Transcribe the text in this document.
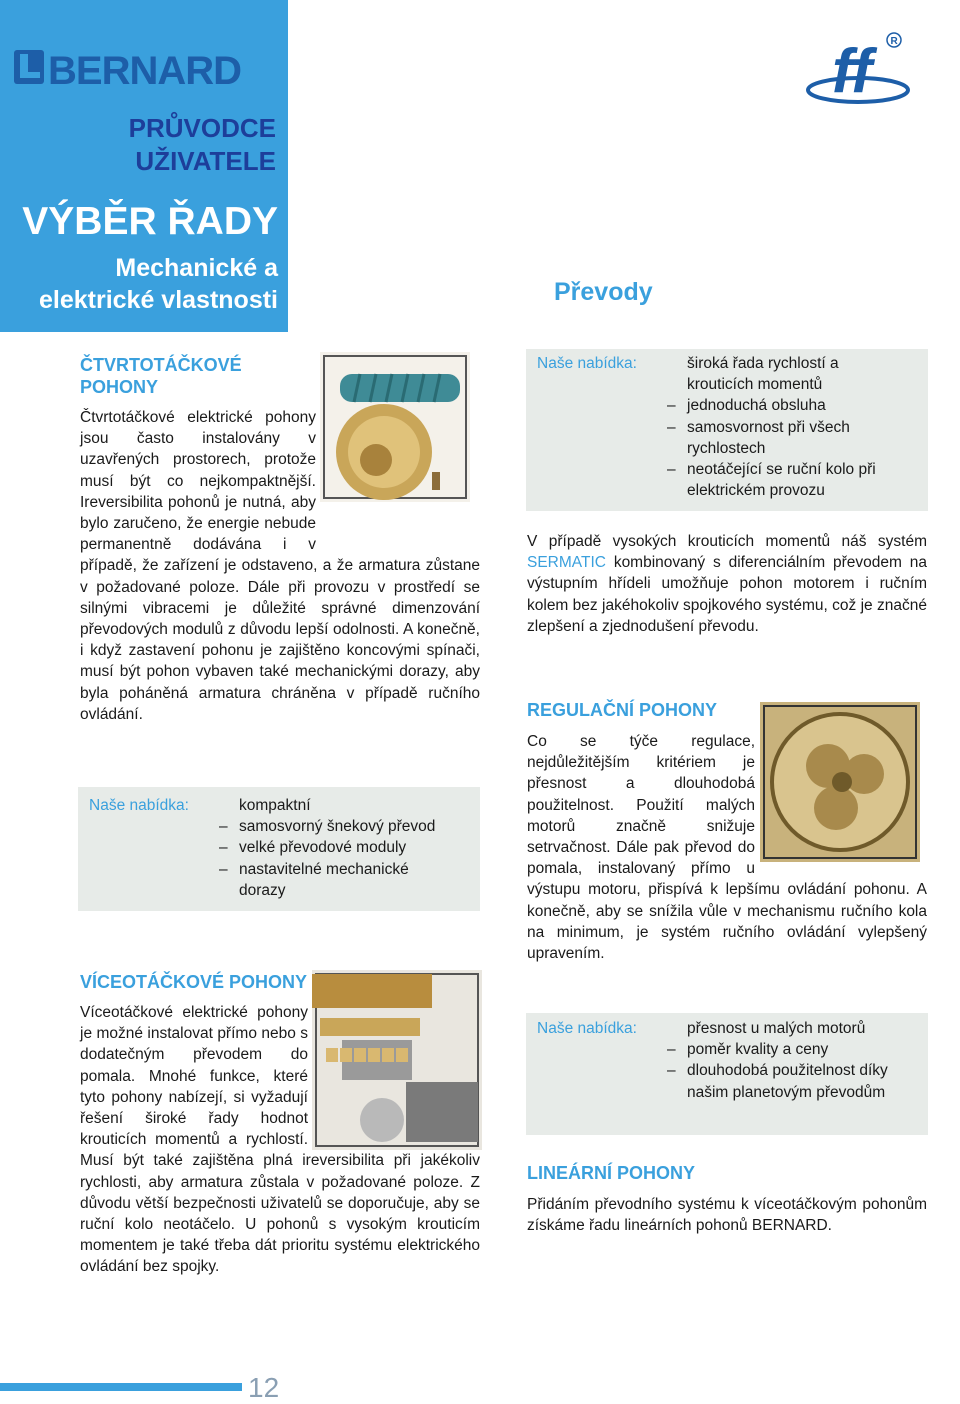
BERNARD
PRŮVODCE UŽIVATELE
VÝBĚR ŘADY
Mechanické a elektrické vlastnosti
ff	R
Převody
ČTVRTOTÁČKOVÉ POHONY

Čtvrtotáčkové elektrické pohony jsou často instalovány v uzavřených prostorech, protože musí být co nejkompaktnější. Ireversibilita pohonů je nutná, aby bylo zaručeno, že energie nebude permanentně dodávána i v případě, že zařízení je odstaveno, a že armatura zůstane v požadované poloze. Dále při provozu v prostředí se silnými vibracemi je důležité správné dimenzování převodových modulů z důvodu lepší odolnosti. A konečně, i když zastavení pohonu je zajištěno koncovými spínači, musí být pohon vybaven také mechanickými dorazy, aby byla poháněná armatura chráněna v případě ručního ovládání.

Naše nabídka:	kompaktní
– samosvorný šnekový převod
– velké převodové moduly
– nastavitelné mechanické dorazy
VÍCEOTÁČKOVÉ POHONY

Víceotáčkové elektrické pohony je možné instalovat přímo nebo s dodatečným převodem do pomala. Mnohé funkce, které tyto pohony nabízejí, si vyžadují řešení široké řady hodnot krouticích momentů a rychlostí. Musí být také zajištěna plná ireversibilita při jakékoliv rychlosti, aby armatura zůstala v požadované poloze. Z důvodu větší bezpečnosti uživatelů se doporučuje, aby se ruční kolo neotáčelo. U pohonů s vysokým krouticím momentem je také třeba dát prioritu systému elektrického ovládání bez spojky.

Naše nabídka:	široká řada rychlostí a krouticích momentů
– jednoduchá obsluha
– samosvornost při všech rychlostech
– neotáčející se ruční kolo při elektrickém provozu

V případě vysokých krouticích momentů náš systém SERMATIC kombinovaný s diferenciálním převodem na výstupním hřídeli umožňuje pohon motorem i ručním kolem bez jakéhokoliv spojkového systému, což je značné zlepšení a zjednodušení převodu.

REGULAČNÍ POHONY

Co se týče regulace, nejdůležitějším kritériem je přesnost a dlouhodobá použitelnost. Použití malých motorů značně snižuje setrvačnost. Dále pak převod do pomala, instalovaný přímo u výstupu motoru, přispívá k lepšímu ovládání pohonu. A konečně, aby se snížila vůle v mechanismu ručního kola na minimum, je systém ručního ovládání vylepšený upravením.

Naše nabídka:	přesnost u malých motorů
– poměr kvality a ceny
– dlouhodobá použitelnost díky našim planetovým převodům
LINEÁRNÍ POHONY
Přidáním převodního systému k víceotáčkovým pohonům získáme řadu lineárních pohonů BERNARD.
12
